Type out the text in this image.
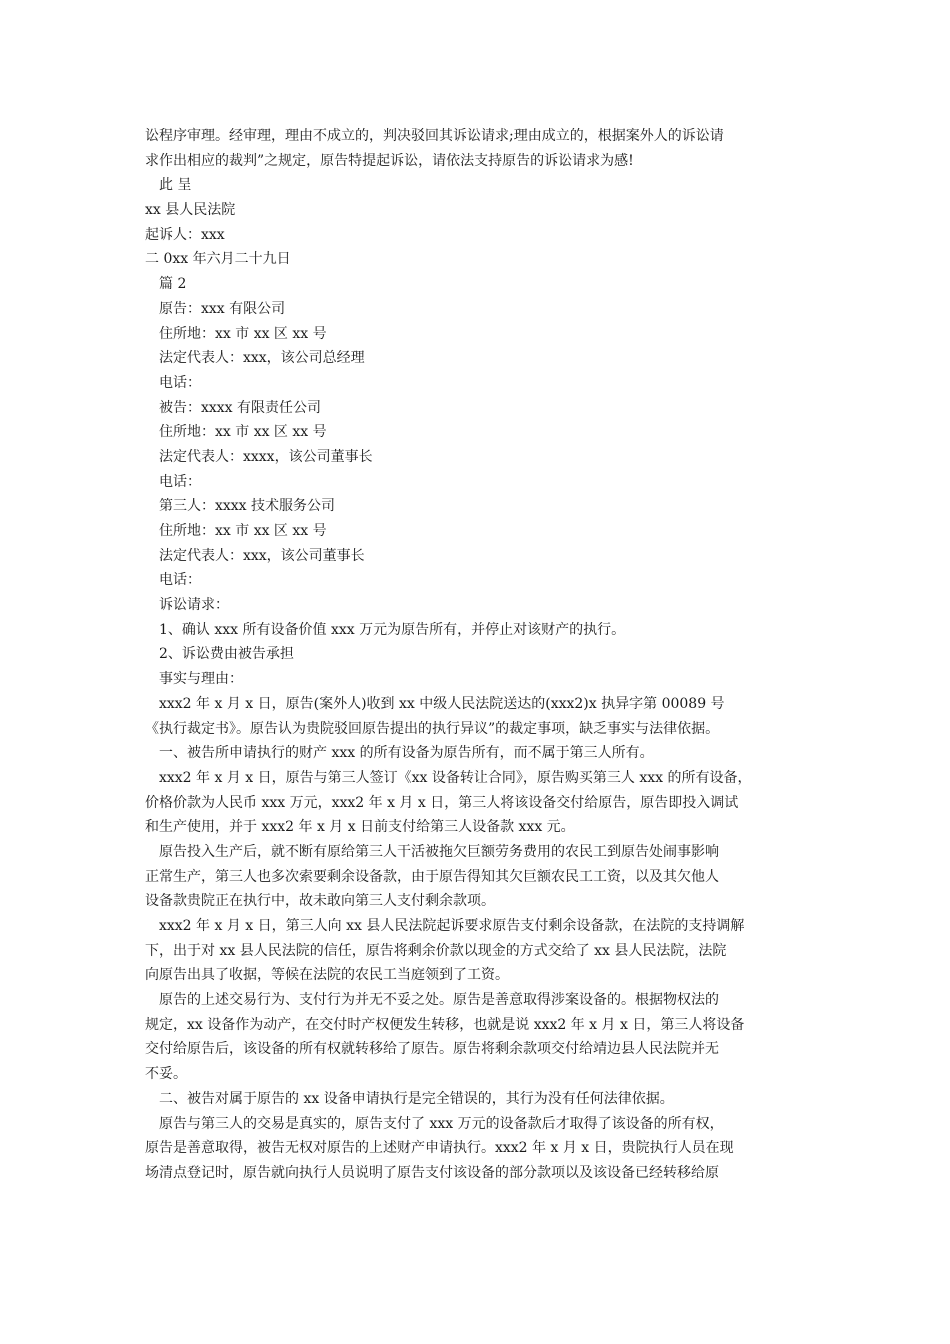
讼程序审理。经审理，理由不成立的，判决驳回其诉讼请求;理由成立的，根据案外人的诉讼请
求作出相应的裁判”之规定，原告特提起诉讼，请依法支持原告的诉讼请求为感!
此 呈
xx 县人民法院
起诉人：xxx
二 0xx 年六月二十九日
篇 2
原告：xxx 有限公司
住所地：xx 市 xx 区 xx 号
法定代表人：xxx，该公司总经理
电话：
被告：xxxx 有限责任公司
住所地：xx 市 xx 区 xx 号
法定代表人：xxxx，该公司董事长
电话：
第三人：xxxx 技术服务公司
住所地：xx 市 xx 区 xx 号
法定代表人：xxx，该公司董事长
电话：
诉讼请求：
1、确认 xxx 所有设备价值 xxx 万元为原告所有，并停止对该财产的执行。
2、诉讼费由被告承担
事实与理由：
xxx2 年 x 月 x 日，原告(案外人)收到 xx 中级人民法院送达的(xxx2)x 执异字第 00089 号
《执行裁定书》。原告认为贵院驳回原告提出的执行异议”的裁定事项，缺乏事实与法律依据。
一、被告所申请执行的财产 xxx 的所有设备为原告所有，而不属于第三人所有。
xxx2 年 x 月 x 日，原告与第三人签订《xx 设备转让合同》，原告购买第三人 xxx 的所有设备，
价格价款为人民币 xxx 万元，xxx2 年 x 月 x 日，第三人将该设备交付给原告，原告即投入调试
和生产使用，并于 xxx2 年 x 月 x 日前支付给第三人设备款 xxx 元。
原告投入生产后，就不断有原给第三人干活被拖欠巨额劳务费用的农民工到原告处闹事影响
正常生产，第三人也多次索要剩余设备款，由于原告得知其欠巨额农民工工资，以及其欠他人
设备款贵院正在执行中，故未敢向第三人支付剩余款项。
xxx2 年 x 月 x 日，第三人向 xx 县人民法院起诉要求原告支付剩余设备款，在法院的支持调解
下，出于对 xx 县人民法院的信任，原告将剩余价款以现金的方式交给了 xx 县人民法院，法院
向原告出具了收据，等候在法院的农民工当庭领到了工资。
原告的上述交易行为、支付行为并无不妥之处。原告是善意取得涉案设备的。根据物权法的
规定，xx 设备作为动产，在交付时产权便发生转移，也就是说 xxx2 年 x 月 x 日，第三人将设备
交付给原告后，该设备的所有权就转移给了原告。原告将剩余款项交付给靖边县人民法院并无
不妥。
二、被告对属于原告的 xx 设备申请执行是完全错误的，其行为没有任何法律依据。
原告与第三人的交易是真实的，原告支付了 xxx 万元的设备款后才取得了该设备的所有权，
原告是善意取得，被告无权对原告的上述财产申请执行。xxx2 年 x 月 x 日，贵院执行人员在现
场清点登记时，原告就向执行人员说明了原告支付该设备的部分款项以及该设备已经转移给原
